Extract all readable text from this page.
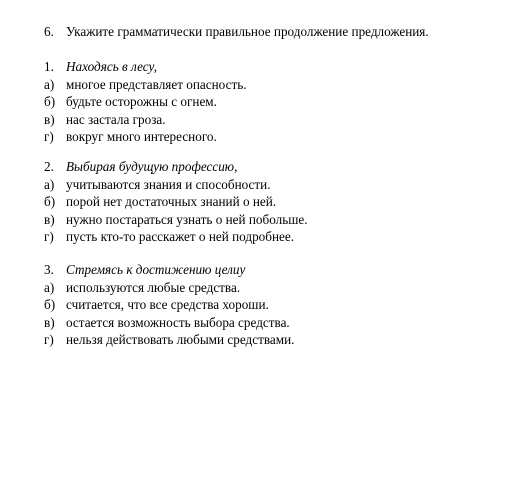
6. Укажите грамматически правильное продолжение предложения.
1. Находясь в лесу,
а) многое представляет опасность.
б) будьте осторожны с огнем.
в) нас застала гроза.
г) вокруг много интересного.
2. Выбирая будущую профессию,
а) учитываются знания и способности.
б) порой нет достаточных знаний о ней.
в) нужно постараться узнать о ней побольше.
г) пусть кто-то расскажет о ней подробнее.
3. Стремясь к достижению целиу
а) используются любые средства.
б) считается, что все средства хороши.
в) остается возможность выбора средства.
г) нельзя действовать любыми средствами.
